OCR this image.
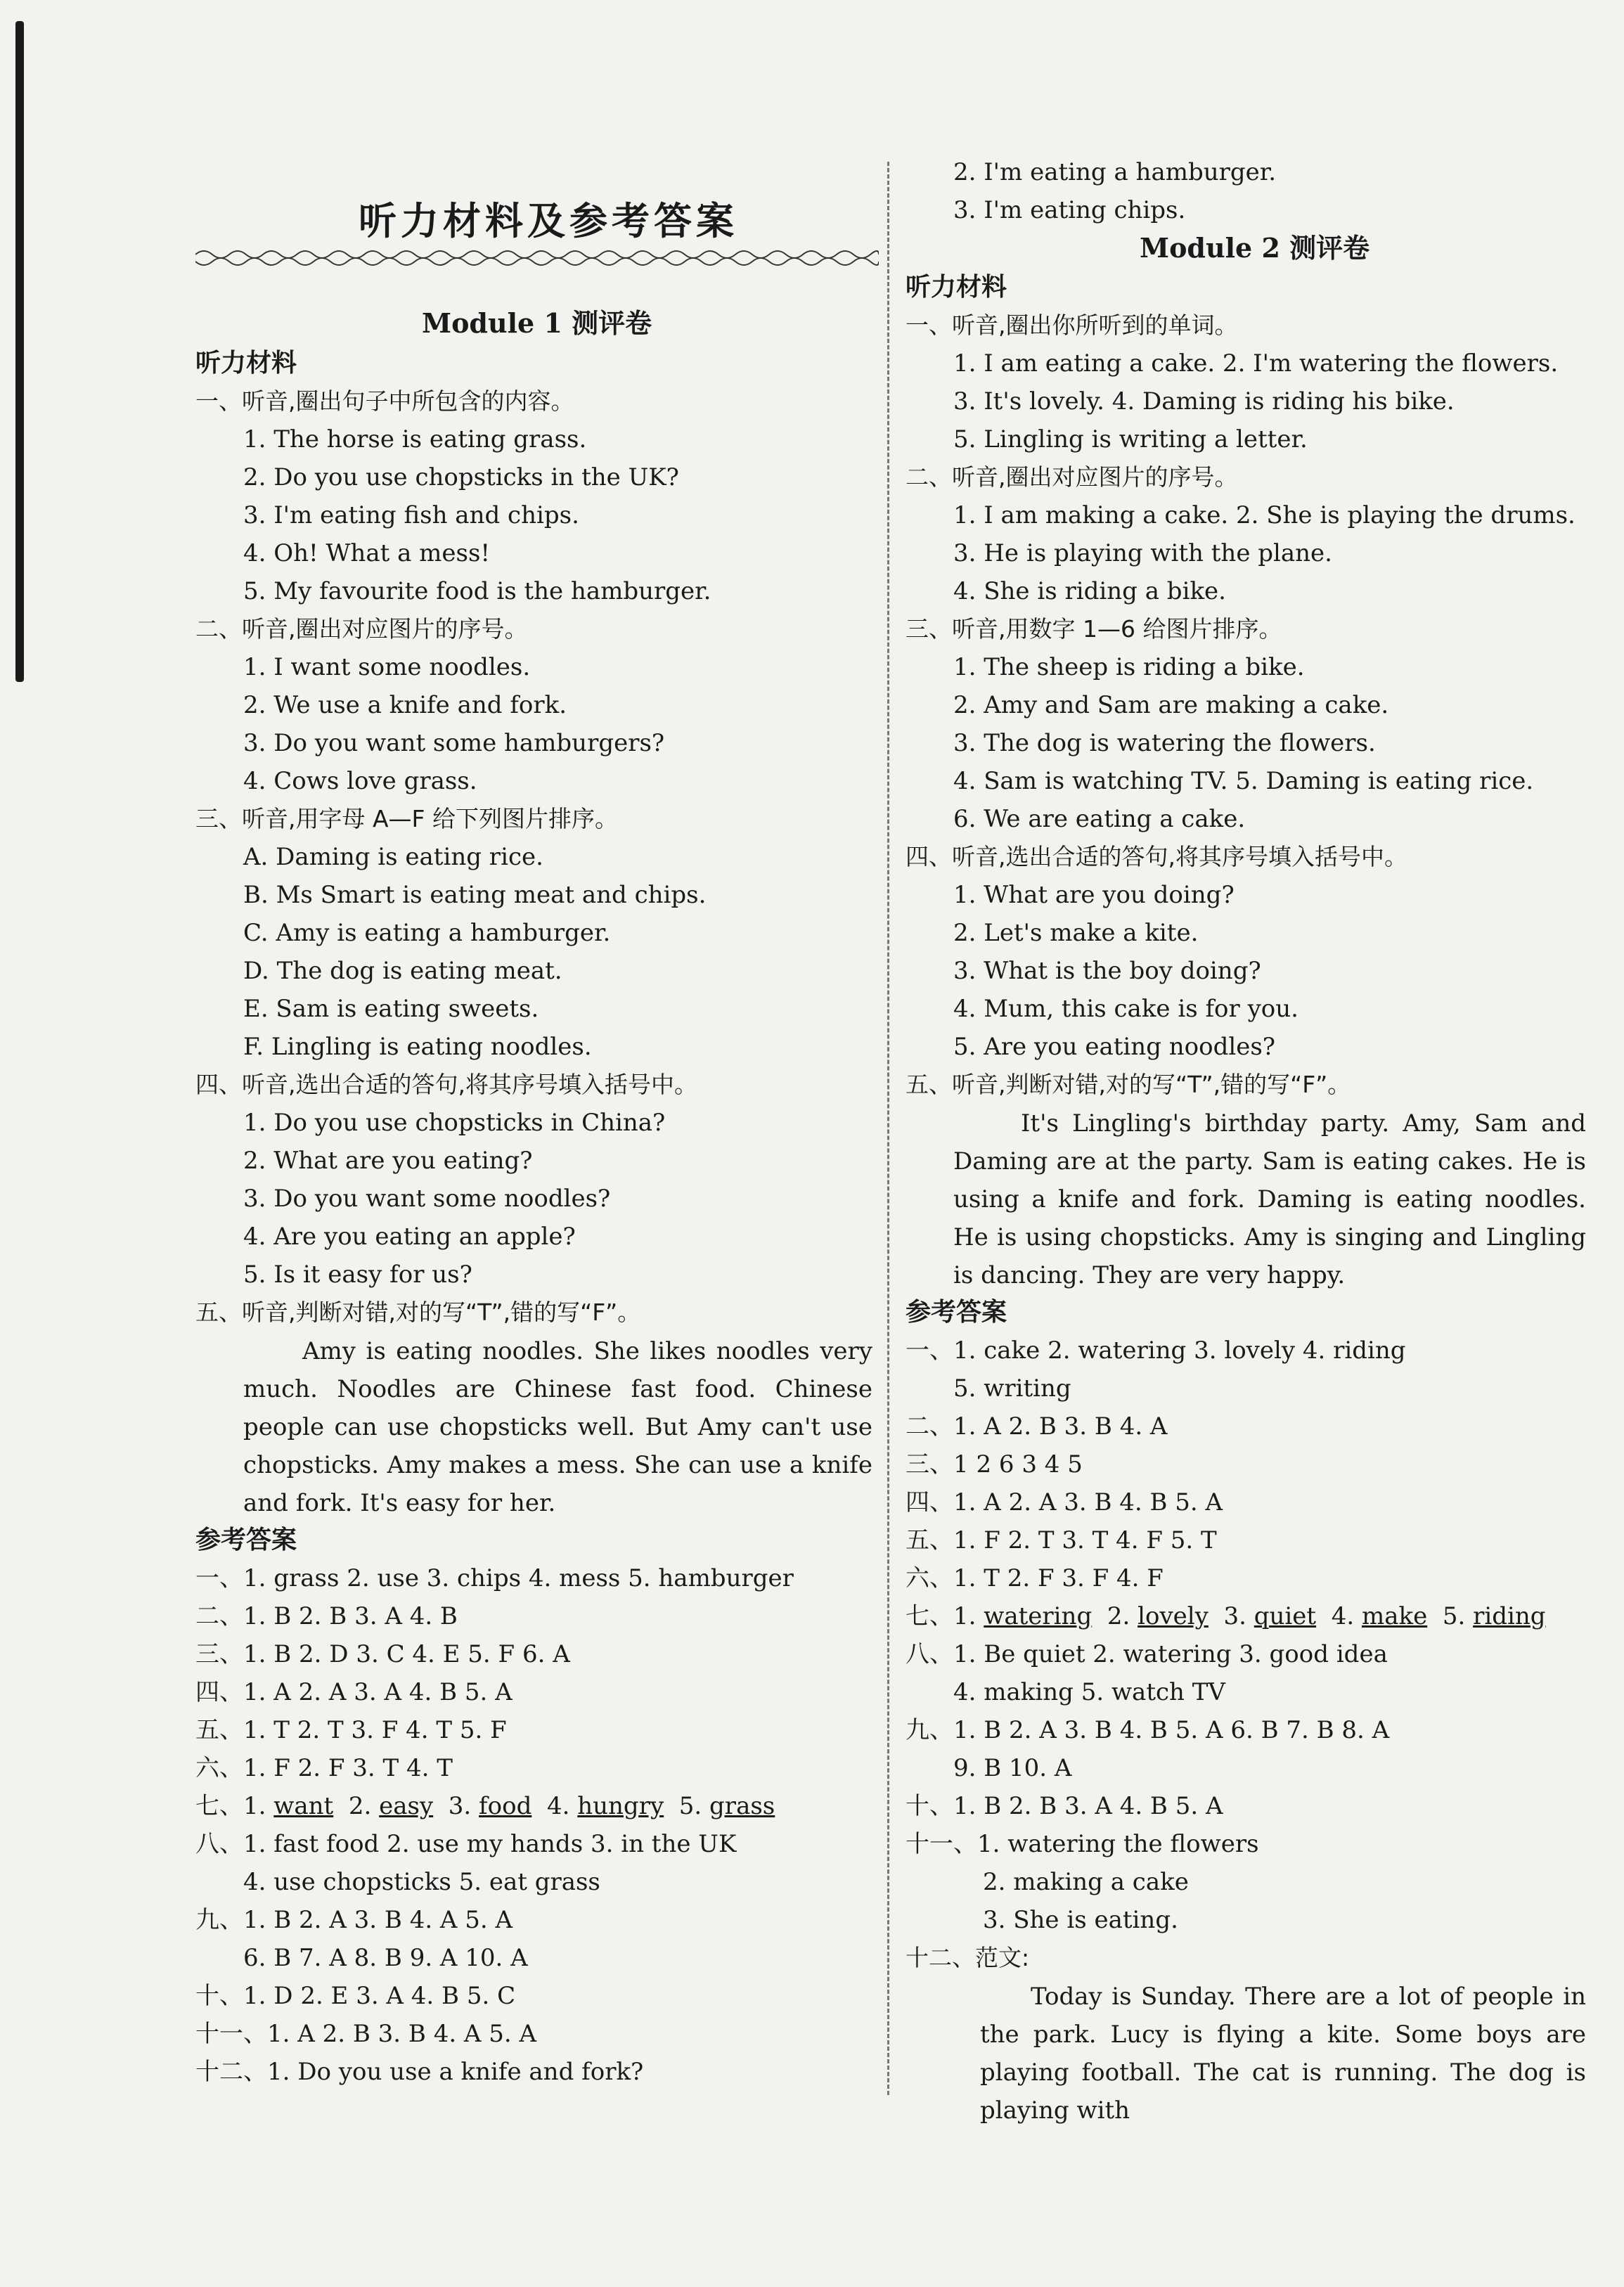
听力材料及参考答案
Module 1 测评卷
听力材料
一、听音,圈出句子中所包含的内容。
1. The horse is eating grass.
2. Do you use chopsticks in the UK?
3. I'm eating fish and chips.
4. Oh! What a mess!
5. My favourite food is the hamburger.
二、听音,圈出对应图片的序号。
1. I want some noodles.
2. We use a knife and fork.
3. Do you want some hamburgers?
4. Cows love grass.
三、听音,用字母 A—F 给下列图片排序。
A. Daming is eating rice.
B. Ms Smart is eating meat and chips.
C. Amy is eating a hamburger.
D. The dog is eating meat.
E. Sam is eating sweets.
F. Lingling is eating noodles.
四、听音,选出合适的答句,将其序号填入括号中。
1. Do you use chopsticks in China?
2. What are you eating?
3. Do you want some noodles?
4. Are you eating an apple?
5. Is it easy for us?
五、听音,判断对错,对的写“T”,错的写“F”。
Amy is eating noodles. She likes noodles very much. Noodles are Chinese fast food. Chinese people can use chopsticks well. But Amy can't use chopsticks. Amy makes a mess. She can use a knife and fork. It's easy for her.
参考答案
一、1. grass 2. use 3. chips 4. mess 5. hamburger
二、1. B 2. B 3. A 4. B
三、1. B 2. D 3. C 4. E 5. F 6. A
四、1. A 2. A 3. A 4. B 5. A
五、1. T 2. T 3. F 4. T 5. F
六、1. F 2. F 3. T 4. T
七、1. want 2. easy 3. food 4. hungry 5. grass
八、1. fast food 2. use my hands 3. in the UK
4. use chopsticks 5. eat grass
九、1. B 2. A 3. B 4. A 5. A
6. B 7. A 8. B 9. A 10. A
十、1. D 2. E 3. A 4. B 5. C
十一、1. A 2. B 3. B 4. A 5. A
十二、1. Do you use a knife and fork?
2. I'm eating a hamburger.
3. I'm eating chips.
Module 2 测评卷
听力材料
一、听音,圈出你所听到的单词。
1. I am eating a cake. 2. I'm watering the flowers.
3. It's lovely. 4. Daming is riding his bike.
5. Lingling is writing a letter.
二、听音,圈出对应图片的序号。
1. I am making a cake. 2. She is playing the drums.
3. He is playing with the plane.
4. She is riding a bike.
三、听音,用数字 1—6 给图片排序。
1. The sheep is riding a bike.
2. Amy and Sam are making a cake.
3. The dog is watering the flowers.
4. Sam is watching TV. 5. Daming is eating rice.
6. We are eating a cake.
四、听音,选出合适的答句,将其序号填入括号中。
1. What are you doing?
2. Let's make a kite.
3. What is the boy doing?
4. Mum, this cake is for you.
5. Are you eating noodles?
五、听音,判断对错,对的写“T”,错的写“F”。
It's Lingling's birthday party. Amy, Sam and Daming are at the party. Sam is eating cakes. He is using a knife and fork. Daming is eating noodles. He is using chopsticks. Amy is singing and Lingling is dancing. They are very happy.
参考答案
一、1. cake 2. watering 3. lovely 4. riding
5. writing
二、1. A 2. B 3. B 4. A
三、1 2 6 3 4 5
四、1. A 2. A 3. B 4. B 5. A
五、1. F 2. T 3. T 4. F 5. T
六、1. T 2. F 3. F 4. F
七、1. watering 2. lovely 3. quiet 4. make 5. riding
八、1. Be quiet 2. watering 3. good idea
4. making 5. watch TV
九、1. B 2. A 3. B 4. B 5. A 6. B 7. B 8. A
9. B 10. A
十、1. B 2. B 3. A 4. B 5. A
十一、1. watering the flowers
2. making a cake
3. She is eating.
十二、范文:
Today is Sunday. There are a lot of people in the park. Lucy is flying a kite. Some boys are playing football. The cat is running. The dog is playing with
